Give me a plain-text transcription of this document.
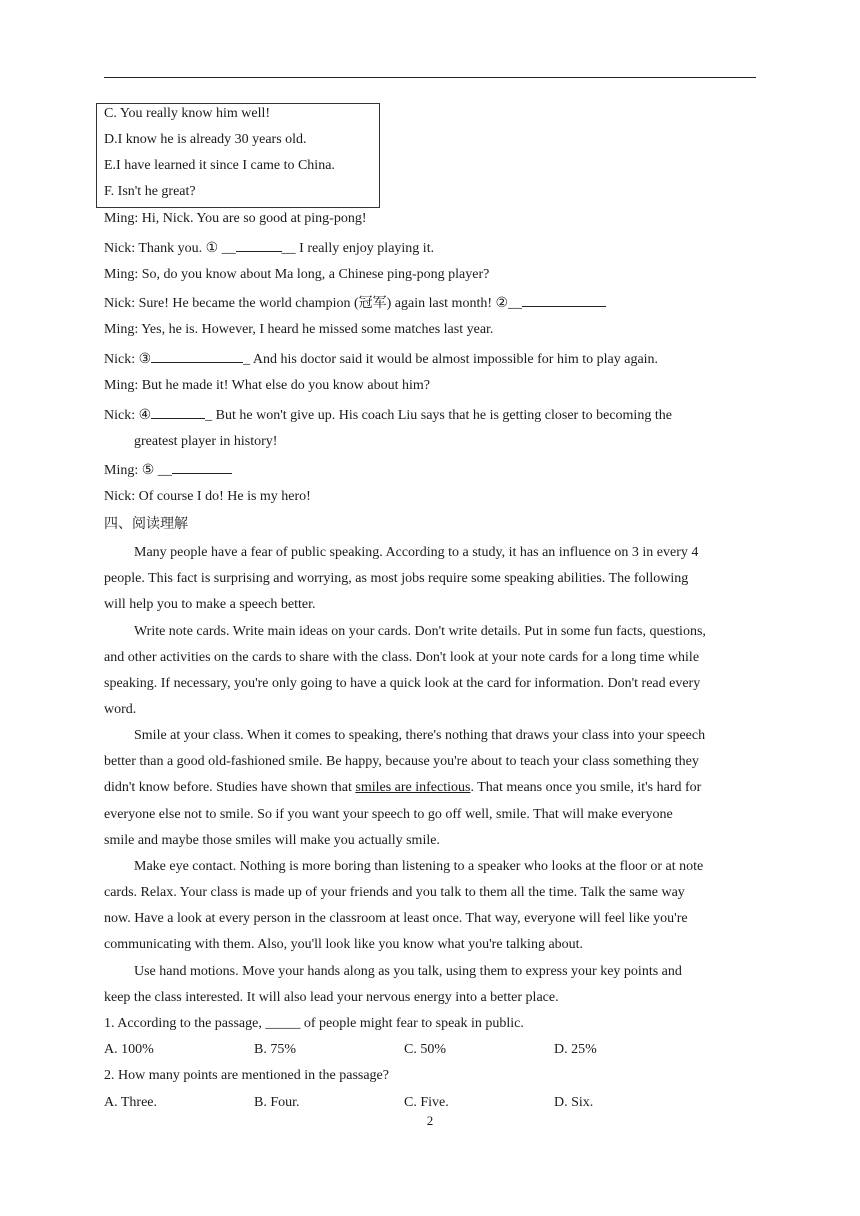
C. You really know him well!
D.I know he is already 30 years old.
E.I have learned it since I came to China.
F. Isn't he great?
Ming: Hi, Nick. You are so good at ping-pong!
Nick: Thank you. ① __	__ I really enjoy playing it.
Ming: So, do you know about Ma long, a Chinese ping-pong player?
Nick: Sure! He became the world champion (冠军) again last month! ②__
Ming: Yes, he is. However, I heard he missed some matches last year.
Nick: ③	_ And his doctor said it would be almost impossible for him to play again.
Ming: But he made it! What else do you know about him?
Nick: ④	_ But he won't give up. His coach Liu says that he is getting closer to becoming the
greatest player in history!
Ming: ⑤ __
Nick: Of course I do! He is my hero!
四、阅读理解
Many people have a fear of public speaking. According to a study, it has an influence on 3 in every 4
people. This fact is surprising and worrying, as most jobs require some speaking abilities. The following
will help you to make a speech better.
Write note cards. Write main ideas on your cards. Don't write details. Put in some fun facts, questions,
and other activities on the cards to share with the class. Don't look at your note cards for a long time while
speaking. If necessary, you're only going to have a quick look at the card for information. Don't read every
word.
Smile at your class. When it comes to speaking, there's nothing that draws your class into your speech
better than a good old-fashioned smile. Be happy, because you're about to teach your class something they
didn't know before. Studies have shown that smiles are infectious. That means once you smile, it's hard for
everyone else not to smile. So if you want your speech to go off well, smile. That will make everyone
smile and maybe those smiles will make you actually smile.
Make eye contact. Nothing is more boring than listening to a speaker who looks at the floor or at note
cards. Relax. Your class is made up of your friends and you talk to them all the time. Talk the same way
now. Have a look at every person in the classroom at least once. That way, everyone will feel like you're
communicating with them. Also, you'll look like you know what you're talking about.
Use hand motions. Move your hands along as you talk, using them to express your key points and
keep the class interested. It will also lead your nervous energy into a better place.
1. According to the passage, _____ of people might fear to speak in public.
A. 100%	B. 75%	C. 50%	D. 25%
2. How many points are mentioned in the passage?
A. Three.	B. Four.	C. Five.	D. Six.
2
